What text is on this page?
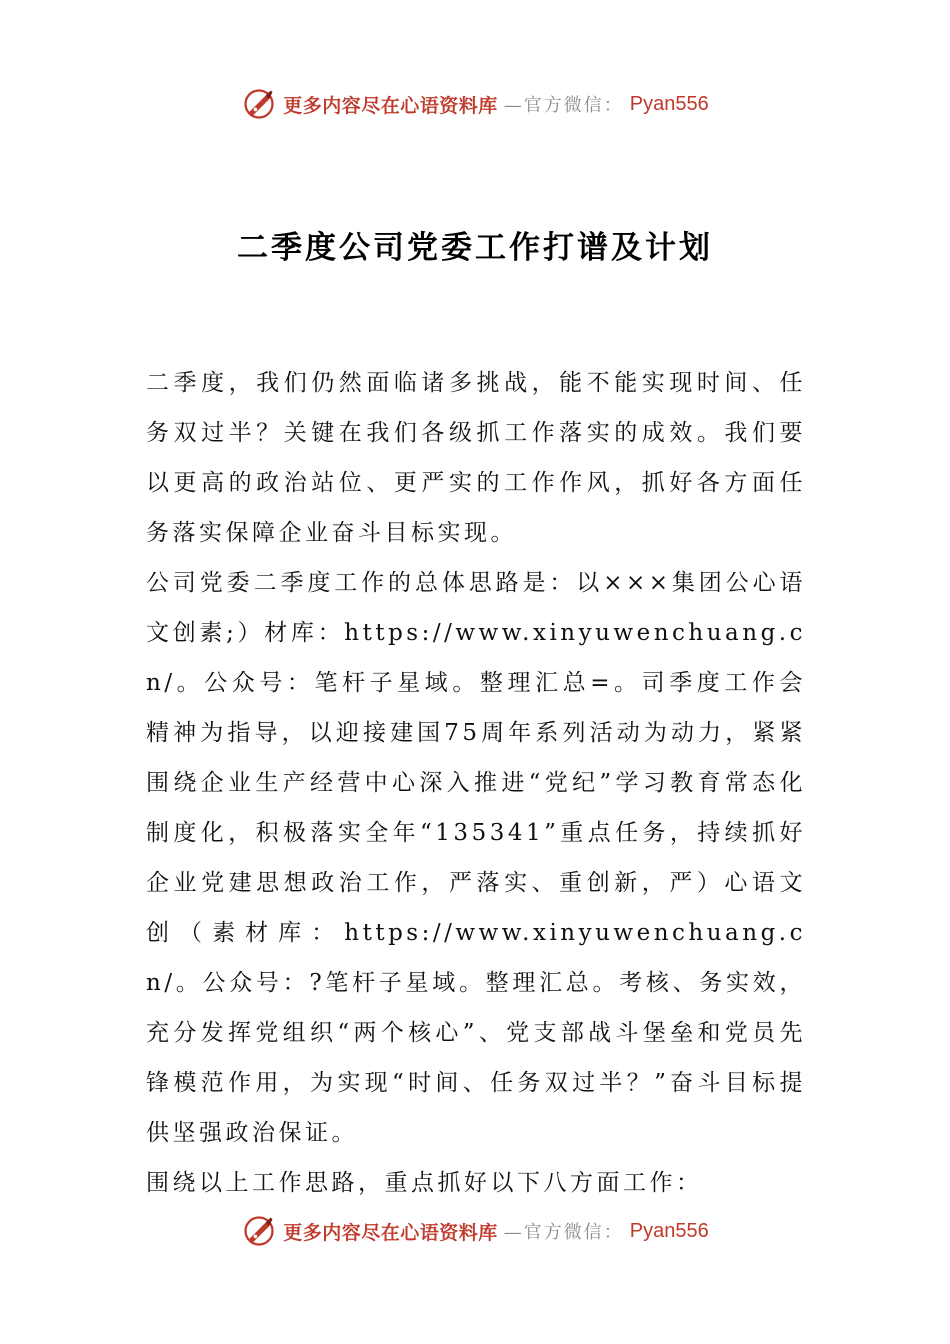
更多内容尽在心语资料库 —官方微信： Pyan556
二季度公司党委工作打谱及计划

二季度，我们仍然面临诸多挑战，能不能实现时间、任务双过半？关键在我们各级抓工作落实的成效。我们要以更高的政治站位、更严实的工作作风，抓好各方面任务落实保障企业奋斗目标实现。

公司党委二季度工作的总体思路是：以×××集团公心语文创素;）材库：https://www.xinyuwenchuang.cn/。公众号：笔杆子星域。整理汇总=。司季度工作会精神为指导，以迎接建国75周年系列活动为动力，紧紧围绕企业生产经营中心深入推进“党纪”学习教育常态化制度化，积极落实全年“135341”重点任务，持续抓好企业党建思想政治工作，严落实、重创新，严）心语文创（素材库：https://www.xinyuwenchuang.cn/。公众号：?笔杆子星域。整理汇总。考核、务实效，充分发挥党组织“两个核心”、党支部战斗堡垒和党员先锋模范作用，为实现“时间、任务双过半？”奋斗目标提供坚强政治保证。

围绕以上工作思路，重点抓好以下八方面工作：

更多内容尽在心语资料库 —官方微信： Pyan556
